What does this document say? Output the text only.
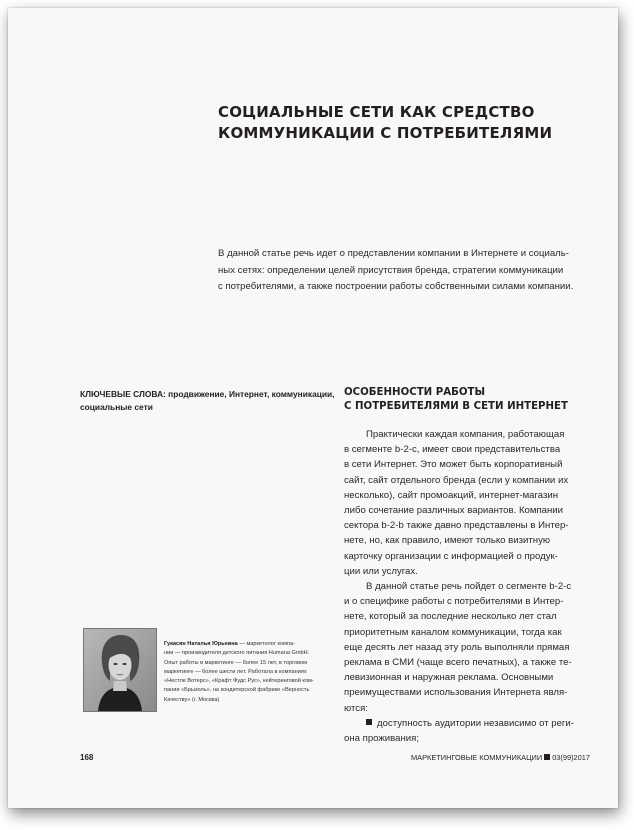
СОЦИАЛЬНЫЕ СЕТИ КАК СРЕДСТВО
КОММУНИКАЦИИ С ПОТРЕБИТЕЛЯМИ
В данной статье речь идет о представлении компании в Интернете и социаль-
ных сетях: определении целей присутствия бренда, стратегии коммуникации
с потребителями, а также построении работы собственными силами компании.
КЛЮЧЕВЫЕ СЛОВА: продвижение, Интернет, коммуникации,
социальные сети
ОСОБЕННОСТИ РАБОТЫ
С ПОТРЕБИТЕЛЯМИ В СЕТИ ИНТЕРНЕТ
Практически каждая компания, работающая
в сегменте b-2-c, имеет свои представительства
в сети Интернет. Это может быть корпоративный
сайт, сайт отдельного бренда (если у компании их
несколько), сайт промоакций, интернет-магазин
либо сочетание различных вариантов. Компании
сектора b-2-b также давно представлены в Интер-
нете, но, как правило, имеют только визитную
карточку организации с информацией о продук-
ции или услугах.
В данной статье речь пойдет о сегменте b-2-c
и о специфике работы с потребителями в Интер-
нете, который за последние несколько лет стал
приоритетным каналом коммуникации, тогда как
еще десять лет назад эту роль выполняли прямая
реклама в СМИ (чаще всего печатных), а также те-
левизионная и наружная реклама. Основными
преимуществами использования Интернета явля-
ются:
доступность аудитории независимо от реги-
она проживания;
Гукасян Наталья Юрьевна — маркетолог компа-
нии — производителя детского питания Humana GmbH.
Опыт работы в маркетинге — более 15 лет, в торговом
маркетинге — более шести лет. Работала в компаниях
«Нестле Вотерс», «Крафт Фудс Рус», кейтеринговой ком-
пании «Брызоль», на кондитерской фабрике «Верность
Качеству» (г. Москва)
168	МАРКЕТИНГОВЫЕ КОММУНИКАЦИИ 03(99)2017
